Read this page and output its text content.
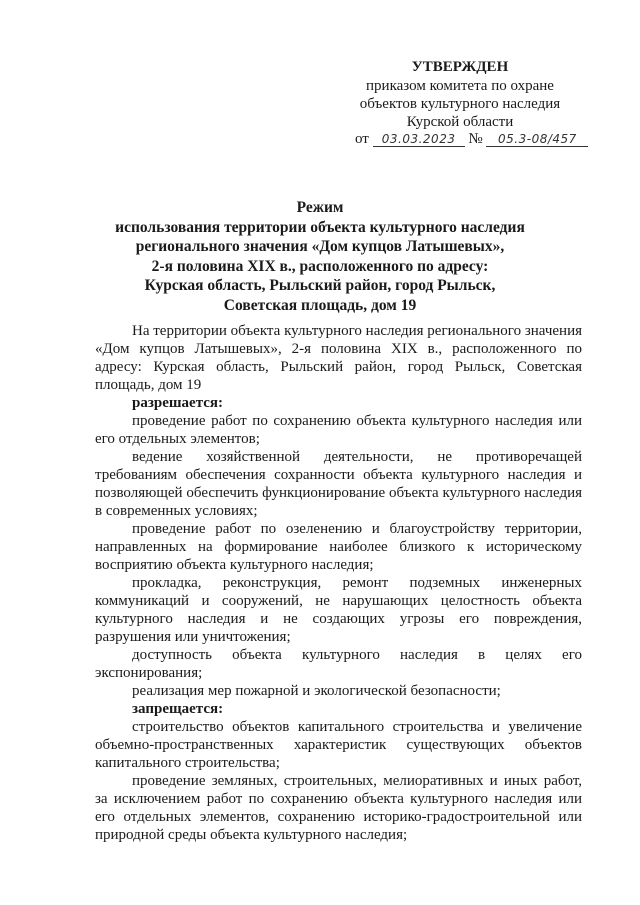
УТВЕРЖДЕН
приказом комитета по охране
объектов культурного наследия
Курской области
от 03.03.2023 № 05.3-08/457
Режим
использования территории объекта культурного наследия
регионального значения «Дом купцов Латышевых»,
2-я половина XIX в., расположенного по адресу:
Курская область, Рыльский район, город Рыльск,
Советская площадь, дом 19

На территории объекта культурного наследия регионального значения «Дом купцов Латышевых», 2-я половина XIX в., расположенного по адресу: Курская область, Рыльский район, город Рыльск, Советская площадь, дом 19

разрешается:

проведение работ по сохранению объекта культурного наследия или его отдельных элементов;

ведение хозяйственной деятельности, не противоречащей требованиям обеспечения сохранности объекта культурного наследия и позволяющей обеспечить функционирование объекта культурного наследия в современных условиях;

проведение работ по озеленению и благоустройству территории, направленных на формирование наиболее близкого к историческому восприятию объекта культурного наследия;

прокладка, реконструкция, ремонт подземных инженерных коммуникаций и сооружений, не нарушающих целостность объекта культурного наследия и не создающих угрозы его повреждения, разрушения или уничтожения;

доступность объекта культурного наследия в целях его экспонирования;

реализация мер пожарной и экологической безопасности;

запрещается:

строительство объектов капитального строительства и увеличение объемно-пространственных характеристик существующих объектов капитального строительства;

проведение земляных, строительных, мелиоративных и иных работ, за исключением работ по сохранению объекта культурного наследия или его отдельных элементов, сохранению историко-градостроительной или природной среды объекта культурного наследия;
